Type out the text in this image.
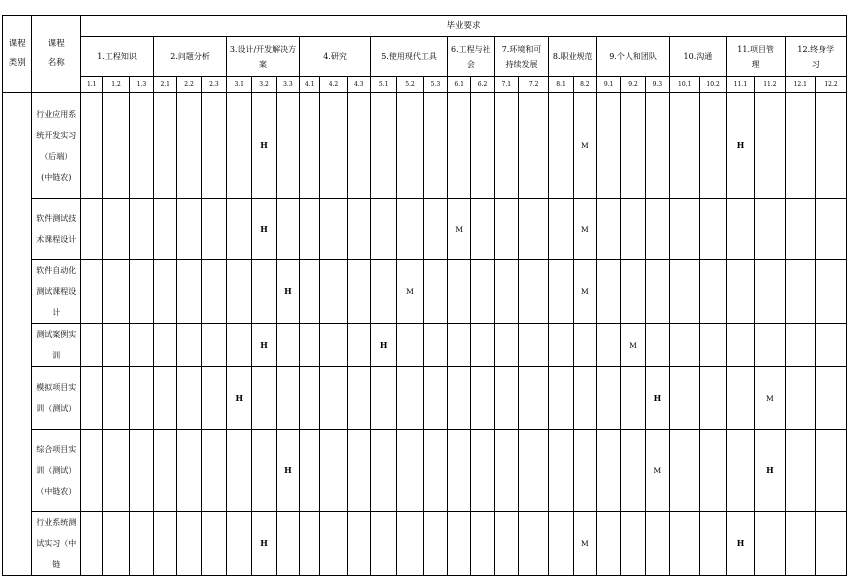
课程类别	课程名称	毕业要求																													
		1.工程知识			2.问题分析			3.设计/开发解决方案			4.研究			5.使用现代工具			6.工程与社会		7.环境和可持续发展		8.职业规范		9.个人和团队			10.沟通		11.项目管理		12.终身学习	
		1.1	1.2	1.3	2.1	2.2	2.3	3.1	3.2	3.3	4.1	4.2	4.3	5.1	5.2	5.3	6.1	6.2	7.1	7.2	8.1	8.2	9.1	9.2	9.3	10.1	10.2	11.1	11.2	12.1	12.2
	行业应用系统开发实习（后端）(中链农)								H													M						H			
	软件测试技术课程设计								H								M					M									
	软件自动化测试课程设计									H					M							M									
	测试案例实训								H					H										M							
	模拟项目实训（测试）							H																	H				M		
	综合项目实训（测试）（中链农）									H															M				H		
	行业系统测试实习（中链								H													M						H			
